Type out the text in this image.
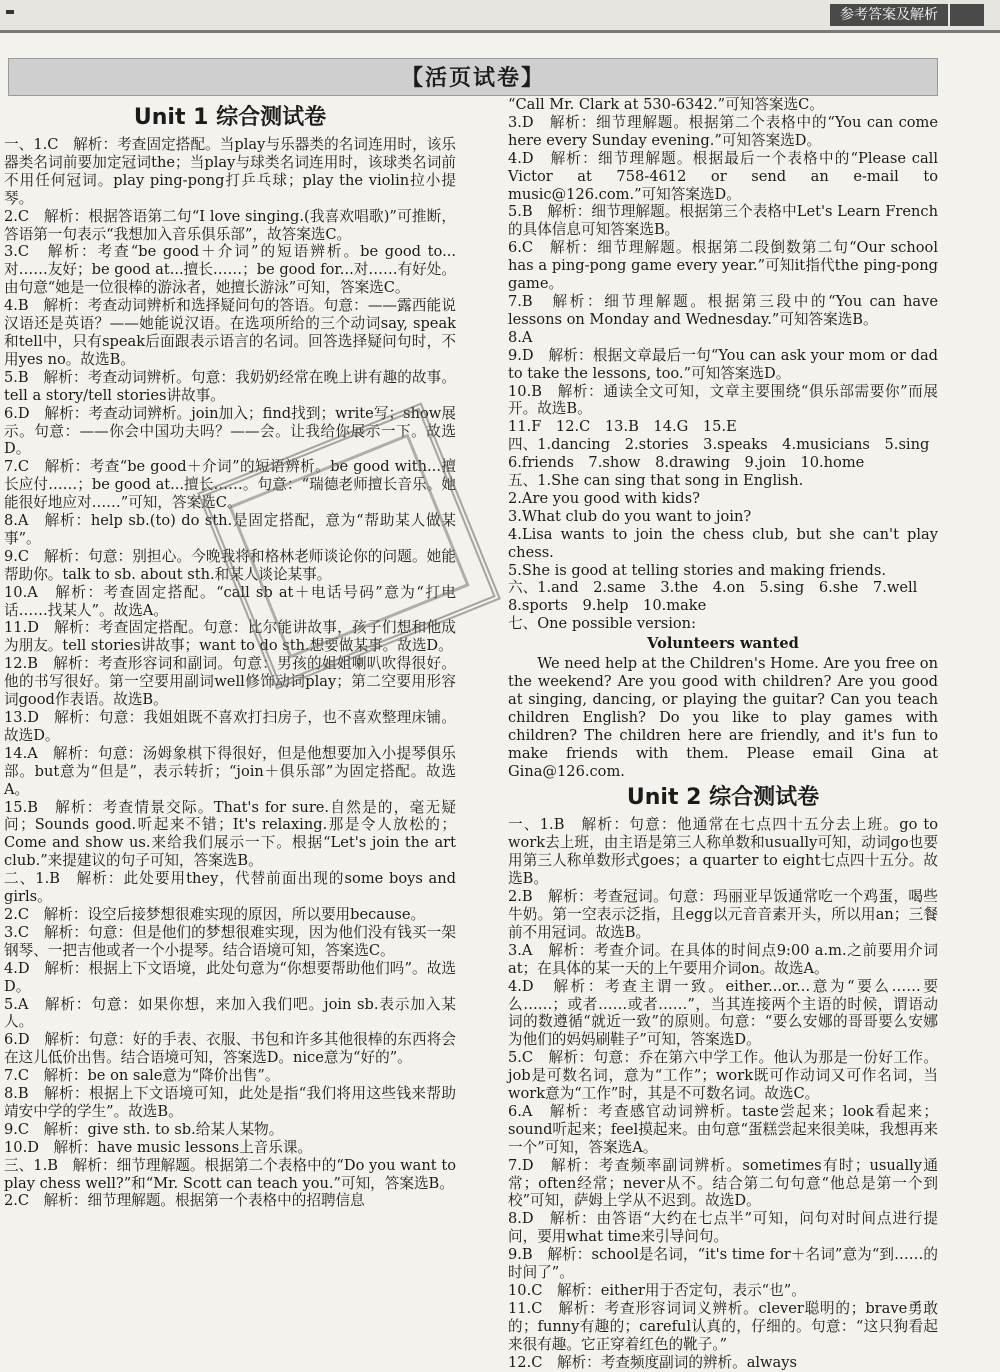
参考答案及解析
【活页试卷】
Unit 1 综合测试卷

一、1.C　解析：考查固定搭配。当play与乐器类的名词连用时，该乐器类名词前要加定冠词the；当play与球类名词连用时，该球类名词前不用任何冠词。play ping-pong打乒乓球；play the violin拉小提琴。

2.C　解析：根据答语第二句“I love singing.(我喜欢唱歌)”可推断，答语第一句表示“我想加入音乐俱乐部”，故答案选C。

3.C　解析：考查“be good＋介词”的短语辨析。be good to...对……友好；be good at...擅长……；be good for...对……有好处。由句意“她是一位很棒的游泳者，她擅长游泳”可知，答案选C。

4.B　解析：考查动词辨析和选择疑问句的答语。句意：——露西能说汉语还是英语？——她能说汉语。在选项所给的三个动词say, speak和tell中，只有speak后面跟表示语言的名词。回答选择疑问句时，不用yes no。故选B。

5.B　解析：考查动词辨析。句意：我奶奶经常在晚上讲有趣的故事。tell a story/tell stories讲故事。

6.D　解析：考查动词辨析。join加入；find找到；write写；show展示。句意：——你会中国功夫吗？——会。让我给你展示一下。故选D。

7.C　解析：考查“be good＋介词”的短语辨析。be good with...擅长应付……；be good at...擅长……。句意：“瑞德老师擅长音乐。她能很好地应对……”可知，答案选C。

8.A　解析：help sb.(to) do sth.是固定搭配，意为“帮助某人做某事”。

9.C　解析：句意：别担心。今晚我将和格林老师谈论你的问题。她能帮助你。talk to sb. about sth.和某人谈论某事。

10.A　解析：考查固定搭配。“call sb at＋电话号码”意为“打电话……找某人”。故选A。

11.D　解析：考查固定搭配。句意：比尔能讲故事，孩子们想和他成为朋友。tell stories讲故事；want to do sth.想要做某事。故选D。

12.B　解析：考查形容词和副词。句意：男孩的姐姐喇叭吹得很好。他的书写很好。第一空要用副词well修饰动词play；第二空要用形容词good作表语。故选B。

13.D　解析：句意：我姐姐既不喜欢打扫房子，也不喜欢整理床铺。故选D。

14.A　解析：句意：汤姆象棋下得很好，但是他想要加入小提琴俱乐部。but意为“但是”，表示转折；“join＋俱乐部”为固定搭配。故选A。

15.B　解析：考查情景交际。That's for sure.自然是的，毫无疑问；Sounds good.听起来不错；It's relaxing.那是令人放松的；Come and show us.来给我们展示一下。根据“Let's join the art club.”来提建议的句子可知，答案选B。

二、1.B　解析：此处要用they，代替前面出现的some boys and girls。

2.C　解析：设空后接梦想很难实现的原因，所以要用because。

3.C　解析：句意：但是他们的梦想很难实现，因为他们没有钱买一架钢琴、一把吉他或者一个小提琴。结合语境可知，答案选C。

4.D　解析：根据上下文语境，此处句意为“你想要帮助他们吗”。故选D。

5.A　解析：句意：如果你想，来加入我们吧。join sb.表示加入某人。

6.D　解析：句意：好的手表、衣服、书包和许多其他很棒的东西将会在这儿低价出售。结合语境可知，答案选D。nice意为“好的”。

7.C　解析：be on sale意为“降价出售”。

8.B　解析：根据上下文语境可知，此处是指“我们将用这些钱来帮助靖安中学的学生”。故选B。

9.C　解析：give sth. to sb.给某人某物。

10.D　解析：have music lessons上音乐课。

三、1.B　解析：细节理解题。根据第二个表格中的“Do you want to play chess well?”和“Mr. Scott can teach you.”可知，答案选B。

2.C　解析：细节理解题。根据第一个表格中的招聘信息

“Call Mr. Clark at 530-6342.”可知答案选C。

3.D　解析：细节理解题。根据第二个表格中的“You can come here every Sunday evening.”可知答案选D。

4.D　解析：细节理解题。根据最后一个表格中的“Please call Victor at 758-4612 or send an e-mail to music@126.com.”可知答案选D。

5.B　解析：细节理解题。根据第三个表格中Let's Learn French的具体信息可知答案选B。

6.C　解析：细节理解题。根据第二段倒数第二句“Our school has a ping-pong game every year.”可知it指代the ping-pong game。

7.B　解析：细节理解题。根据第三段中的“You can have lessons on Monday and Wednesday.”可知答案选B。

8.A

9.D　解析：根据文章最后一句“You can ask your mom or dad to take the lessons, too.”可知答案选D。

10.B　解析：通读全文可知，文章主要围绕“俱乐部需要你”而展开。故选B。

11.F　12.C　13.B　14.G　15.E

四、1.dancing　2.stories　3.speaks　4.musicians　5.sing

6.friends　7.show　8.drawing　9.join　10.home

五、1.She can sing that song in English.

2.Are you good with kids?

3.What club do you want to join?

4.Lisa wants to join the chess club, but she can't play chess.

5.She is good at telling stories and making friends.

六、1.and　2.same　3.the　4.on　5.sing　6.she　7.well

8.sports　9.help　10.make

七、One possible version:

Volunteers wanted
We need help at the Children's Home. Are you free on the weekend? Are you good with children? Are you good at singing, dancing, or playing the guitar? Can you teach children English? Do you like to play games with children? The children here are friendly, and it's fun to make friends with them. Please email Gina at Gina@126.com.
Unit 2 综合测试卷

一、1.B　解析：句意：他通常在七点四十五分去上班。go to work去上班，由主语是第三人称单数和usually可知，动词go也要用第三人称单数形式goes；a quarter to eight七点四十五分。故选B。

2.B　解析：考查冠词。句意：玛丽亚早饭通常吃一个鸡蛋，喝些牛奶。第一空表示泛指，且egg以元音音素开头，所以用an；三餐前不用冠词。故选B。

3.A　解析：考查介词。在具体的时间点9:00 a.m.之前要用介词at；在具体的某一天的上午要用介词on。故选A。

4.D　解析：考查主谓一致。either...or...意为“要么……要么……；或者……或者……”，当其连接两个主语的时候，谓语动词的数遵循“就近一致”的原则。句意：“要么安娜的哥哥要么安娜为他们的妈妈刷鞋子”可知，答案选D。

5.C　解析：句意：乔在第六中学工作。他认为那是一份好工作。job是可数名词，意为“工作”；work既可作动词又可作名词，当work意为“工作”时，其是不可数名词。故选C。

6.A　解析：考查感官动词辨析。taste尝起来；look看起来；sound听起来；feel摸起来。由句意“蛋糕尝起来很美味，我想再来一个”可知，答案选A。

7.D　解析：考查频率副词辨析。sometimes有时；usually通常；often经常；never从不。结合第二句句意“他总是第一个到校”可知，萨姆上学从不迟到。故选D。

8.D　解析：由答语“大约在七点半”可知，问句对时间点进行提问，要用what time来引导问句。

9.B　解析：school是名词，“it's time for＋名词”意为“到……的时间了”。

10.C　解析：either用于否定句，表示“也”。

11.C　解析：考查形容词词义辨析。clever聪明的；brave勇敢的；funny有趣的；careful认真的，仔细的。句意：“这只狗看起来很有趣。它正穿着红色的靴子。”

12.C　解析：考查频度副词的辨析。always
